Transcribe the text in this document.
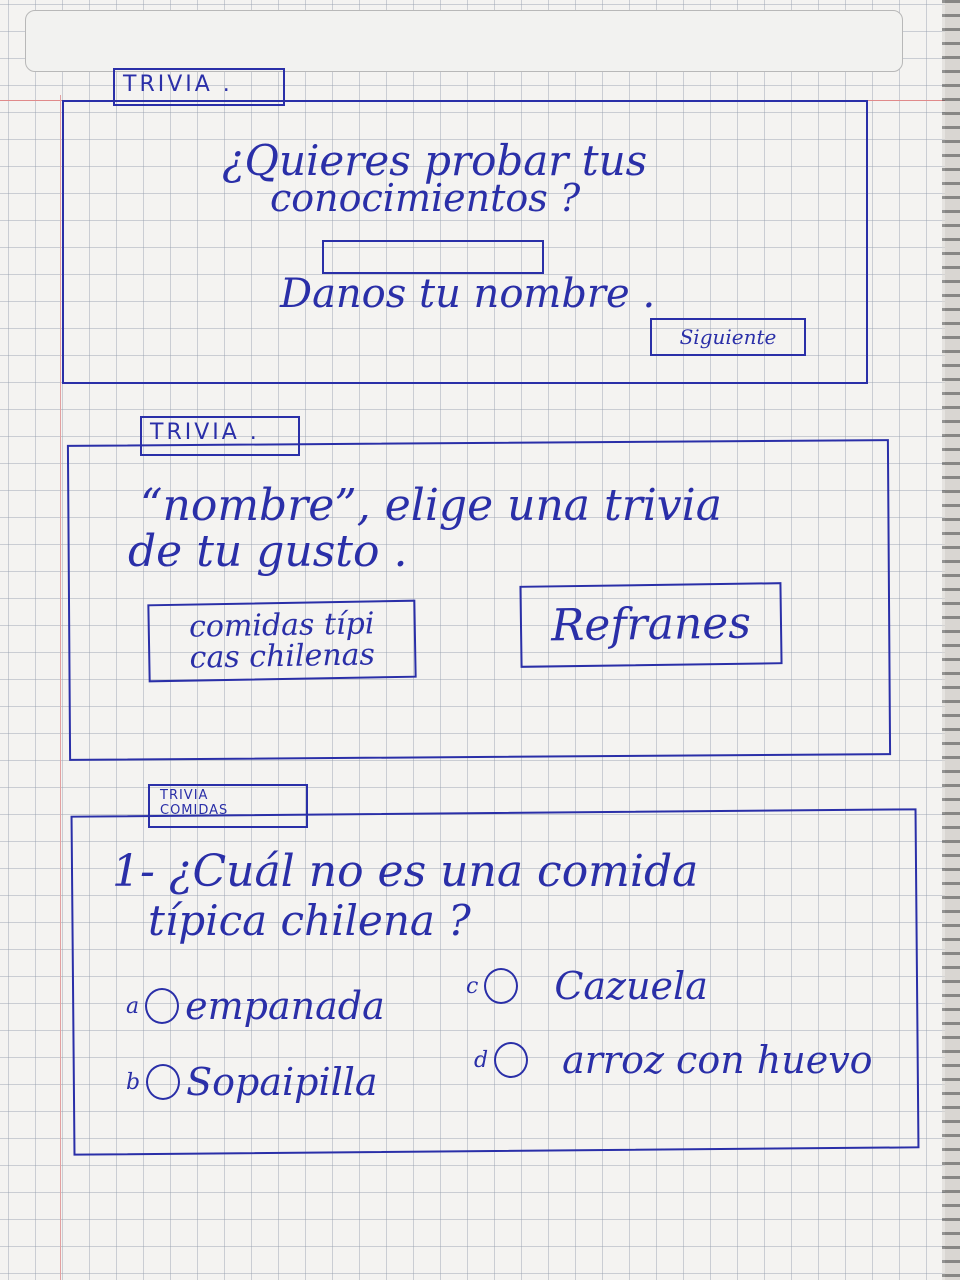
TRIVIA .
¿Quieres probar tus
conocimientos ?
Danos tu nombre .
Siguiente
TRIVIA .
“nombre”, elige una trivia
de tu gusto .
comidas típi
cas chilenas
Refranes
TRIVIA
COMIDAS
1- ¿Cuál no es una comida
típica chilena ?
a empanada	c Cazuela
b Sopaipilla	d arroz con huevo
